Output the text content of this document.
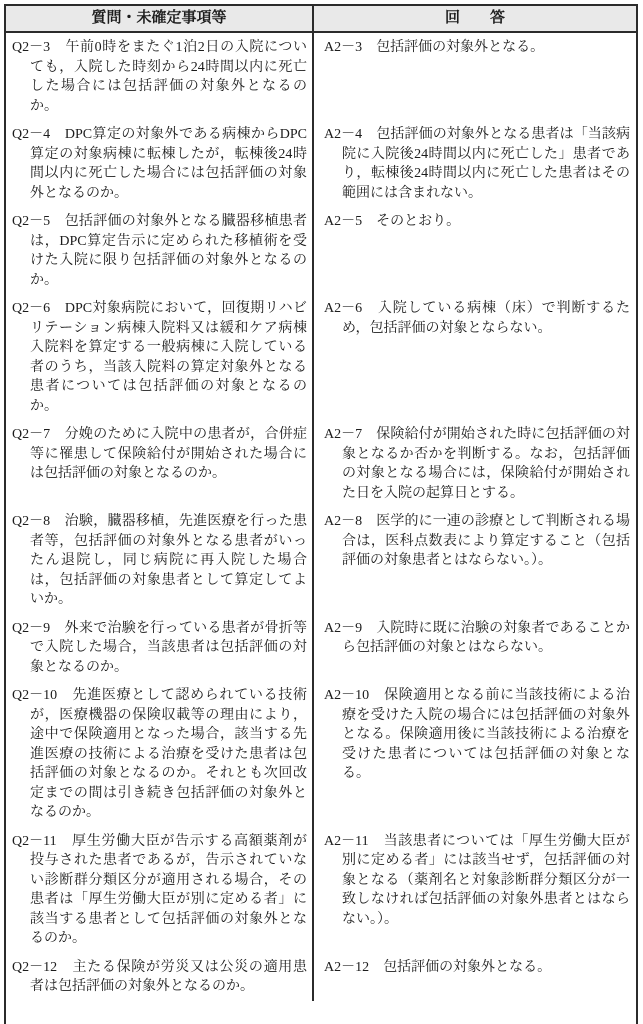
質問・未確定事項等	回　　答

Q2－3　午前0時をまたぐ1泊2日の入院についても，入院した時刻から24時間以内に死亡した場合には包括評価の対象外となるのか。

A2－3　包括評価の対象外となる。

Q2－4　DPC算定の対象外である病棟からDPC算定の対象病棟に転棟したが，転棟後24時間以内に死亡した場合には包括評価の対象外となるのか。

A2－4　包括評価の対象外となる患者は「当該病院に入院後24時間以内に死亡した」患者であり，転棟後24時間以内に死亡した患者はその範囲には含まれない。

Q2－5　包括評価の対象外となる臓器移植患者は，DPC算定告示に定められた移植術を受けた入院に限り包括評価の対象外となるのか。

A2－5　そのとおり。

Q2－6　DPC対象病院において，回復期リハビリテーション病棟入院料又は緩和ケア病棟入院料を算定する一般病棟に入院している者のうち，当該入院料の算定対象外となる患者については包括評価の対象となるのか。

A2－6　入院している病棟（床）で判断するため，包括評価の対象とならない。

Q2－7　分娩のために入院中の患者が，合併症等に罹患して保険給付が開始された場合には包括評価の対象となるのか。

A2－7　保険給付が開始された時に包括評価の対象となるか否かを判断する。なお，包括評価の対象となる場合には，保険給付が開始された日を入院の起算日とする。

Q2－8　治験，臓器移植，先進医療を行った患者等，包括評価の対象外となる患者がいったん退院し，同じ病院に再入院した場合は，包括評価の対象患者として算定してよいか。

A2－8　医学的に一連の診療として判断される場合は，医科点数表により算定すること（包括評価の対象患者とはならない。）。

Q2－9　外来で治験を行っている患者が骨折等で入院した場合，当該患者は包括評価の対象となるのか。

A2－9　入院時に既に治験の対象者であることから包括評価の対象とはならない。

Q2－10　先進医療として認められている技術が，医療機器の保険収載等の理由により，途中で保険適用となった場合，該当する先進医療の技術による治療を受けた患者は包括評価の対象となるのか。それとも次回改定までの間は引き続き包括評価の対象外となるのか。

A2－10　保険適用となる前に当該技術による治療を受けた入院の場合には包括評価の対象外となる。保険適用後に当該技術による治療を受けた患者については包括評価の対象となる。

Q2－11　厚生労働大臣が告示する高額薬剤が投与された患者であるが，告示されていない診断群分類区分が適用される場合，その患者は「厚生労働大臣が別に定める者」に該当する患者として包括評価の対象外となるのか。

A2－11　当該患者については「厚生労働大臣が別に定める者」には該当せず，包括評価の対象となる（薬剤名と対象診断群分類区分が一致しなければ包括評価の対象外患者とはならない。）。

Q2－12　主たる保険が労災又は公災の適用患者は包括評価の対象外となるのか。

A2－12　包括評価の対象外となる。
